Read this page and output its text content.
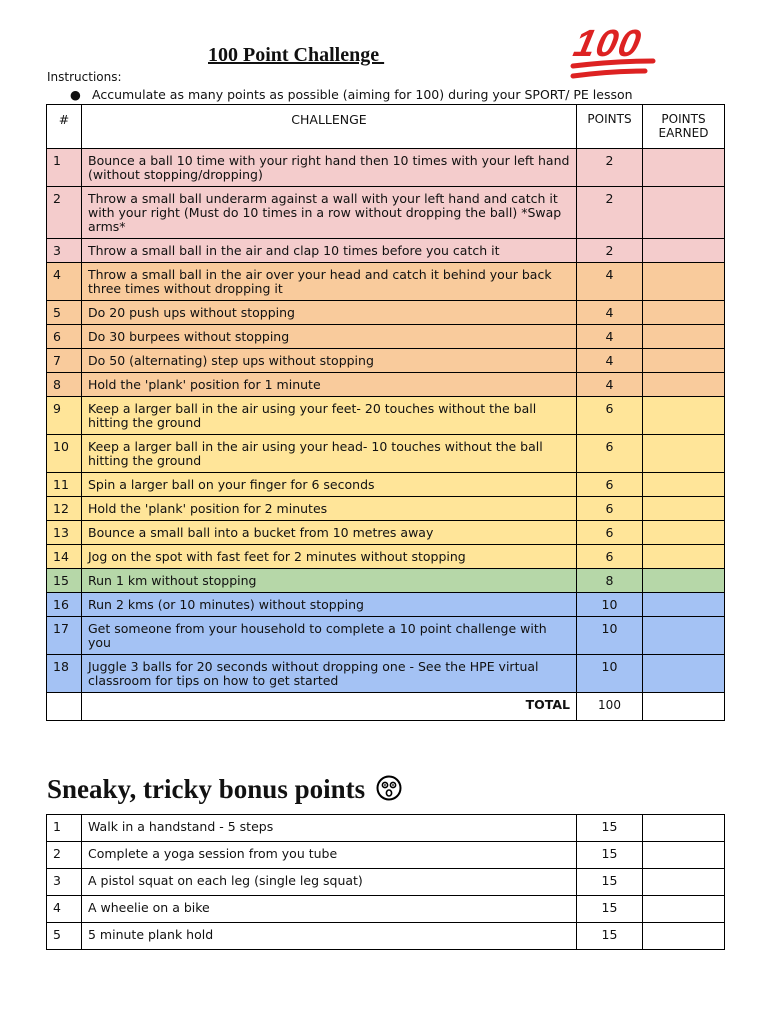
100 Point Challenge	100
Instructions:
● Accumulate as many points as possible (aiming for 100) during your SPORT/ PE lesson
#	CHALLENGE	POINTS	POINTS EARNED
1	Bounce a ball 10 time with your right hand then 10 times with your left hand (without stopping/dropping)	2	
2	Throw a small ball underarm against a wall with your left hand and catch it with your right (Must do 10 times in a row without dropping the ball) *Swap arms*	2	
3	Throw a small ball in the air and clap 10 times before you catch it	2	
4	Throw a small ball in the air over your head and catch it behind your back three times without dropping it	4	
5	Do 20 push ups without stopping	4	
6	Do 30 burpees without stopping	4	
7	Do 50 (alternating) step ups without stopping	4	
8	Hold the 'plank' position for 1 minute	4	
9	Keep a larger ball in the air using your feet- 20 touches without the ball hitting the ground	6	
10	Keep a larger ball in the air using your head- 10 touches without the ball hitting the ground	6	
11	Spin a larger ball on your finger for 6 seconds	6	
12	Hold the 'plank' position for 2 minutes	6	
13	Bounce a small ball into a bucket from 10 metres away	6	
14	Jog on the spot with fast feet for 2 minutes without stopping	6	
15	Run 1 km without stopping	8	
16	Run 2 kms (or 10 minutes) without stopping	10	
17	Get someone from your household to complete a 10 point challenge with you	10	
18	Juggle 3 balls for 20 seconds without dropping one - See the HPE virtual classroom for tips on how to get started	10	
	TOTAL	100	
Sneaky, tricky bonus points
1	Walk in a handstand - 5 steps	15	
2	Complete a yoga session from you tube	15	
3	A pistol squat on each leg (single leg squat)	15	
4	A wheelie on a bike	15	
5	5 minute plank hold	15	
